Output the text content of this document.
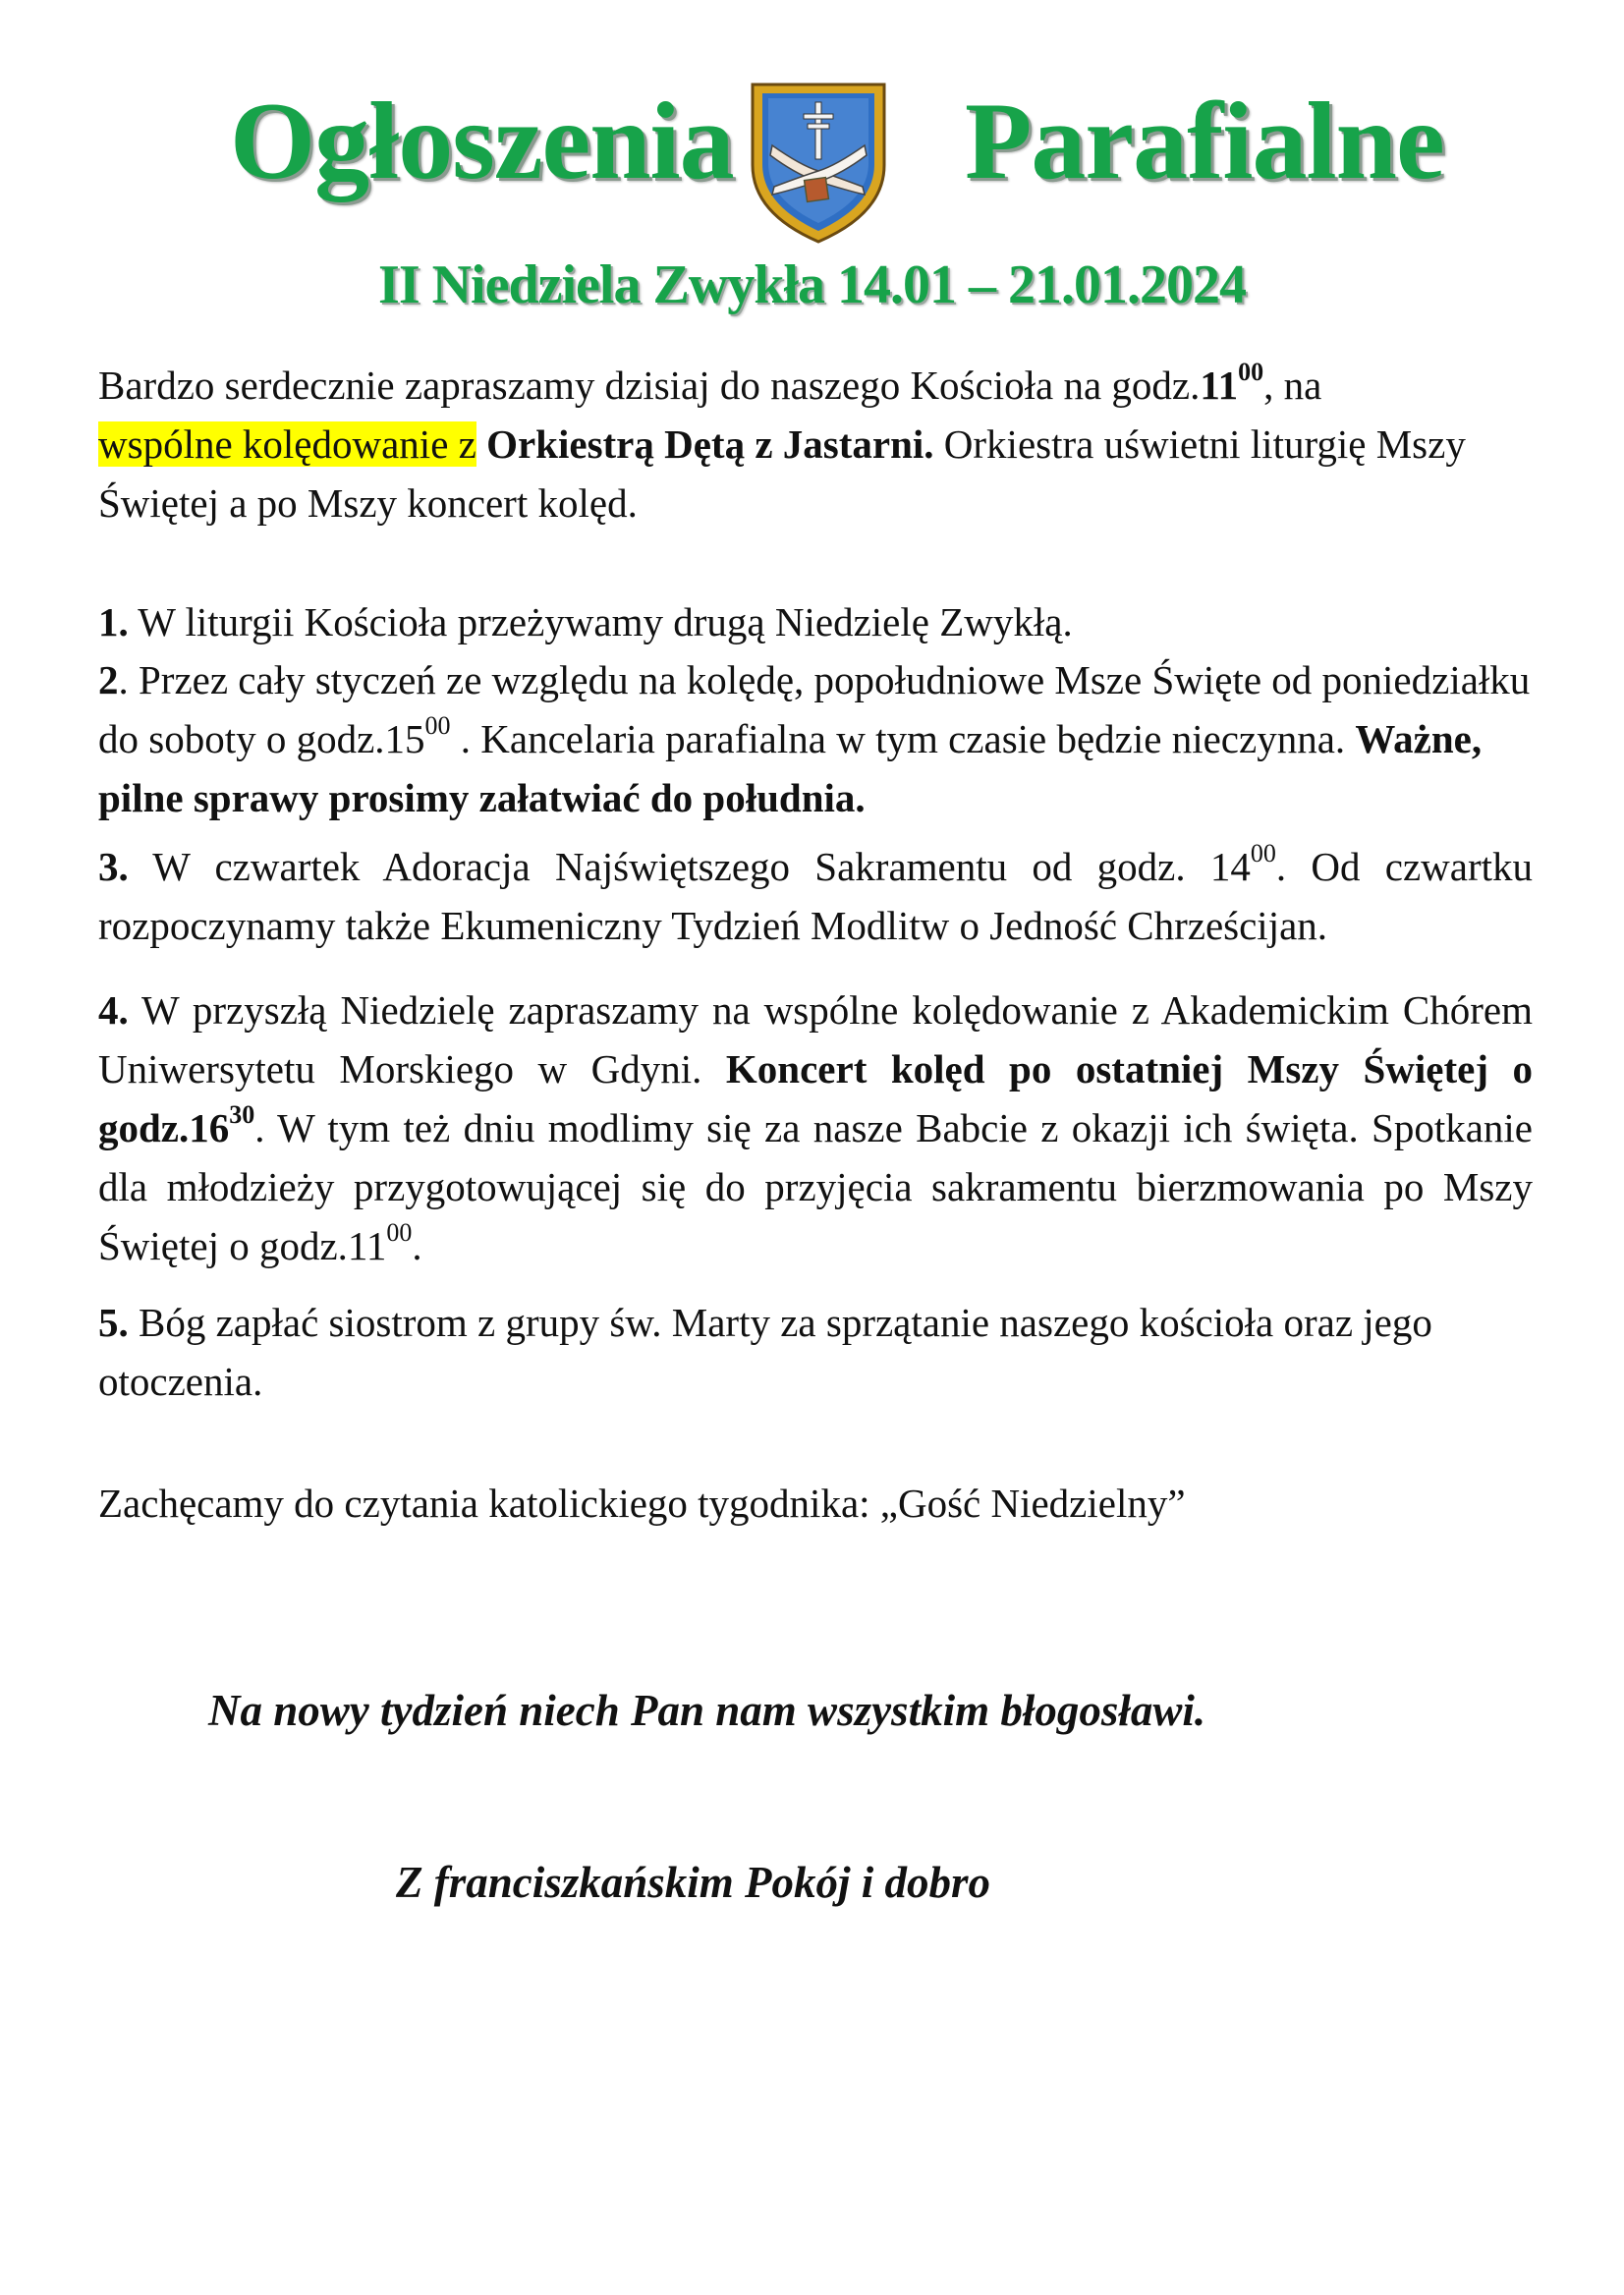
Ogłoszenia Parafialne
II Niedziela Zwykła 14.01 – 21.01.2024

Bardzo serdecznie zapraszamy dzisiaj do naszego Kościoła na $godz.11^{00}$, na
wspólne kolędowanie z Orkiestrą Dętą z Jastarni. Orkiestra uświetni liturgię Mszy Świętej a po Mszy koncert kolęd.

1. W liturgii Kościoła przeżywamy drugą Niedzielę Zwykłą.

2. Przez cały styczeń ze względu na kolędę, popołudniowe Msze Święte od poniedziałku do soboty o $godz.15^{00}$ . Kancelaria parafialna w tym czasie będzie nieczynna. Ważne, pilne sprawy prosimy załatwiać do południa.

3. W czwartek Adoracja Najświętszego Sakramentu od godz. $14^{00}$. Od czwartku rozpoczynamy także Ekumeniczny Tydzień Modlitw o Jedność Chrześcijan.

4. W przyszłą Niedzielę zapraszamy na wspólne kolędowanie z Akademickim Chórem Uniwersytetu Morskiego w Gdyni. Koncert kolęd po ostatniej Mszy Świętej o $godz.16^{30}$. W tym też dniu modlimy się za nasze Babcie z okazji ich święta. Spotkanie dla młodzieży przygotowującej się do przyjęcia sakramentu bierzmowania po Mszy Świętej o $godz.11^{00}$.

5. Bóg zapłać siostrom z grupy św. Marty za sprzątanie naszego kościoła oraz jego otoczenia.

Zachęcamy do czytania katolickiego tygodnika: „Gość Niedzielny”

Na nowy tydzień niech Pan nam wszystkim błogosławi.
Z franciszkańskim Pokój i dobro
